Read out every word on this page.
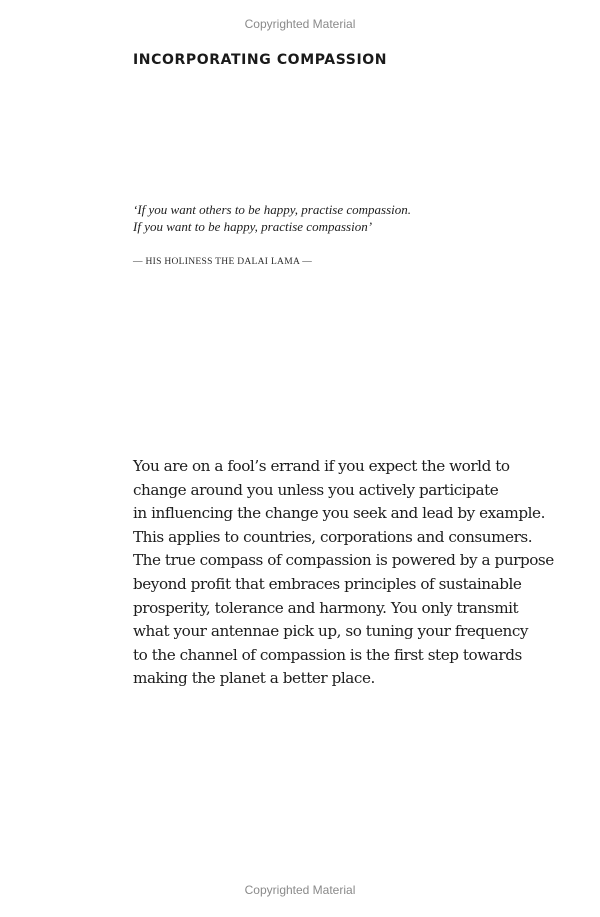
Copyrighted Material
INCORPORATING COMPASSION
‘If you want others to be happy, practise compassion.
If you want to be happy, practise compassion’
— HIS HOLINESS THE DALAI LAMA —
You are on a fool’s errand if you expect the world to
change around you unless you actively participate
in influencing the change you seek and lead by example.
This applies to countries, corporations and consumers.
The true compass of compassion is powered by a purpose
beyond profit that embraces principles of sustainable
prosperity, tolerance and harmony. You only transmit
what your antennae pick up, so tuning your frequency
to the channel of compassion is the first step towards
making the planet a better place.
Copyrighted Material
